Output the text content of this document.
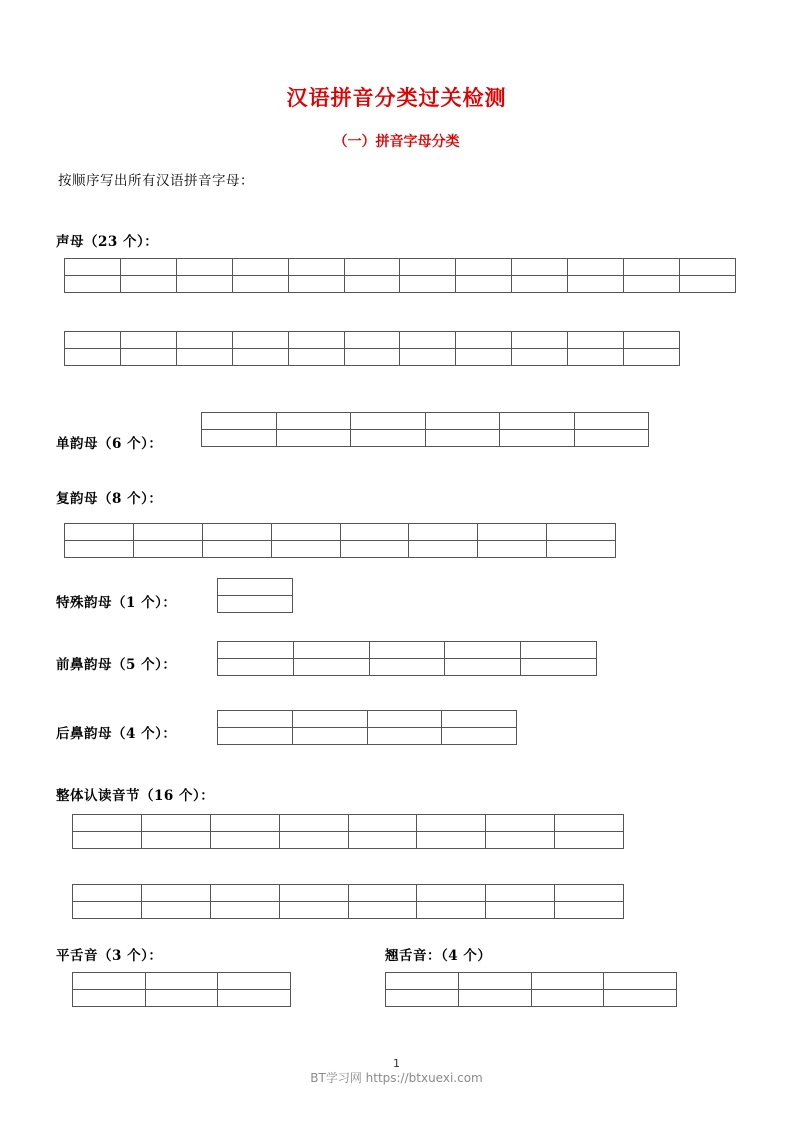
汉语拼音分类过关检测
（一）拼音字母分类
按顺序写出所有汉语拼音字母：
声母（23 个）：

单韵母（6 个）：

复韵母（8 个）：

特殊韵母（1 个）：

前鼻韵母（5 个）：

后鼻韵母（4 个）：

整体认读音节（16 个）：

平舌音（3 个）：

			翘舌音：（4 个）

1
BT学习网 https://btxuexi.com
